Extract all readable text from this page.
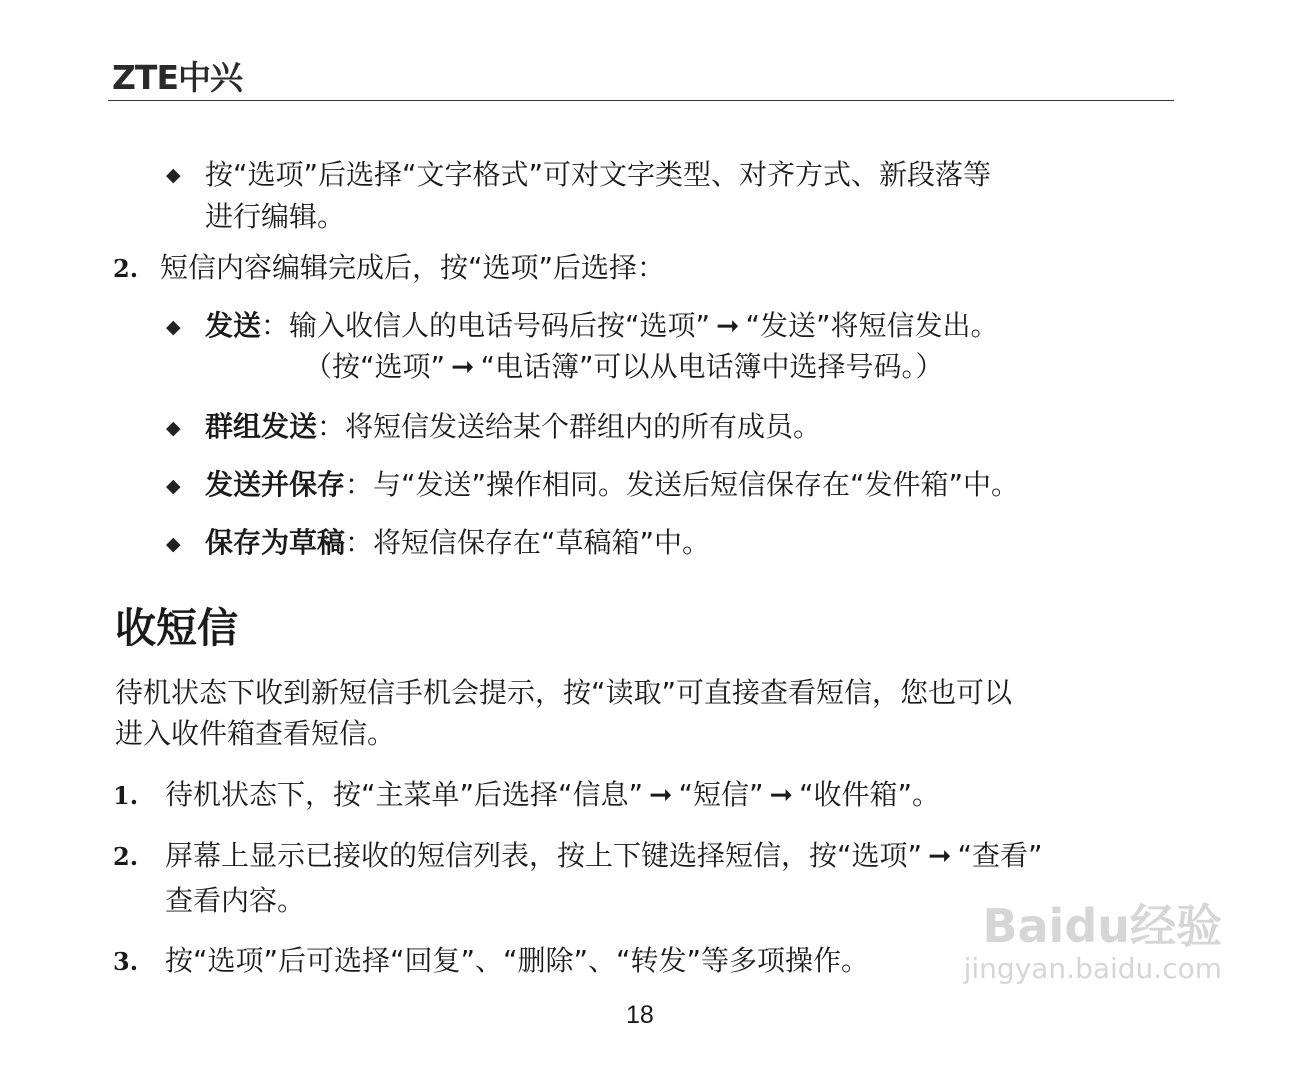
ZTE中兴
◆ 按“选项”后选择“文字格式”可对文字类型、对齐方式、新段落等
进行编辑。
2. 短信内容编辑完成后，按“选项”后选择：
◆ 发送：输入收信人的电话号码后按“选项” ➞ “发送”将短信发出。
（按“选项” ➞ “电话簿”可以从电话簿中选择号码。）
◆ 群组发送：将短信发送给某个群组内的所有成员。
◆ 发送并保存：与“发送”操作相同。发送后短信保存在“发件箱”中。
◆ 保存为草稿：将短信保存在“草稿箱”中。
收短信
待机状态下收到新短信手机会提示，按“读取”可直接查看短信，您也可以
进入收件箱查看短信。
1. 待机状态下，按“主菜单”后选择“信息” ➞ “短信” ➞ “收件箱”。
2. 屏幕上显示已接收的短信列表，按上下键选择短信，按“选项” ➞ “查看”
查看内容。
3. 按“选项”后可选择“回复”、“删除”、“转发”等多项操作。
Baidu经验
jingyan.baidu.com
18
